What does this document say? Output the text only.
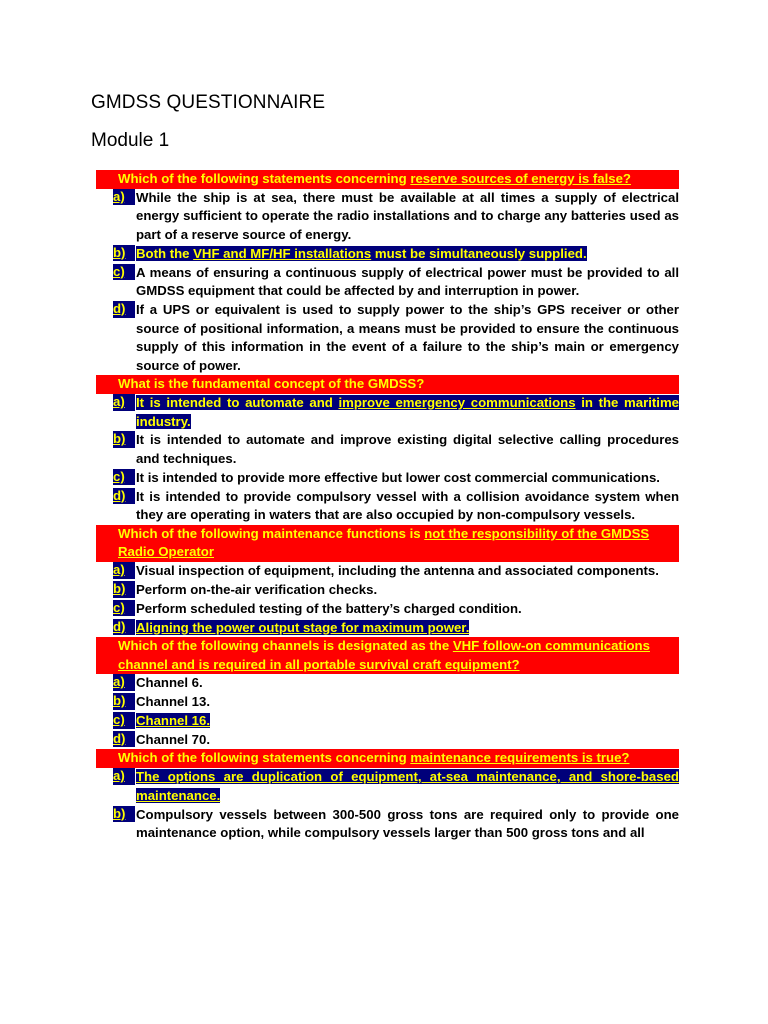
GMDSS QUESTIONNAIRE
Module 1
Which of the following statements concerning reserve sources of energy is false?
a) While the ship is at sea, there must be available at all times a supply of electrical energy sufficient to operate the radio installations and to charge any batteries used as part of a reserve source of energy.
b) Both the VHF and MF/HF installations must be simultaneously supplied.
c) A means of ensuring a continuous supply of electrical power must be provided to all GMDSS equipment that could be affected by and interruption in power.
d) If a UPS or equivalent is used to supply power to the ship’s GPS receiver or other source of positional information, a means must be provided to ensure the continuous supply of this information in the event of a failure to the ship’s main or emergency source of power.
What is the fundamental concept of the GMDSS?
a) It is intended to automate and improve emergency communications in the maritime industry.
b) It is intended to automate and improve existing digital selective calling procedures and techniques.
c) It is intended to provide more effective but lower cost commercial communications.
d) It is intended to provide compulsory vessel with a collision avoidance system when they are operating in waters that are also occupied by non-compulsory vessels.
Which of the following maintenance functions is not the responsibility of the GMDSS Radio Operator
a) Visual inspection of equipment, including the antenna and associated components.
b) Perform on-the-air verification checks.
c) Perform scheduled testing of the battery’s charged condition.
d) Aligning the power output stage for maximum power.
Which of the following channels is designated as the VHF follow-on communications channel and is required in all portable survival craft equipment?
a) Channel 6.
b) Channel 13.
c) Channel 16.
d) Channel 70.
Which of the following statements concerning maintenance requirements is true?
a) The options are duplication of equipment, at-sea maintenance, and shore-based maintenance.
b) Compulsory vessels between 300-500 gross tons are required only to provide one maintenance option, while compulsory vessels larger than 500 gross tons and all
